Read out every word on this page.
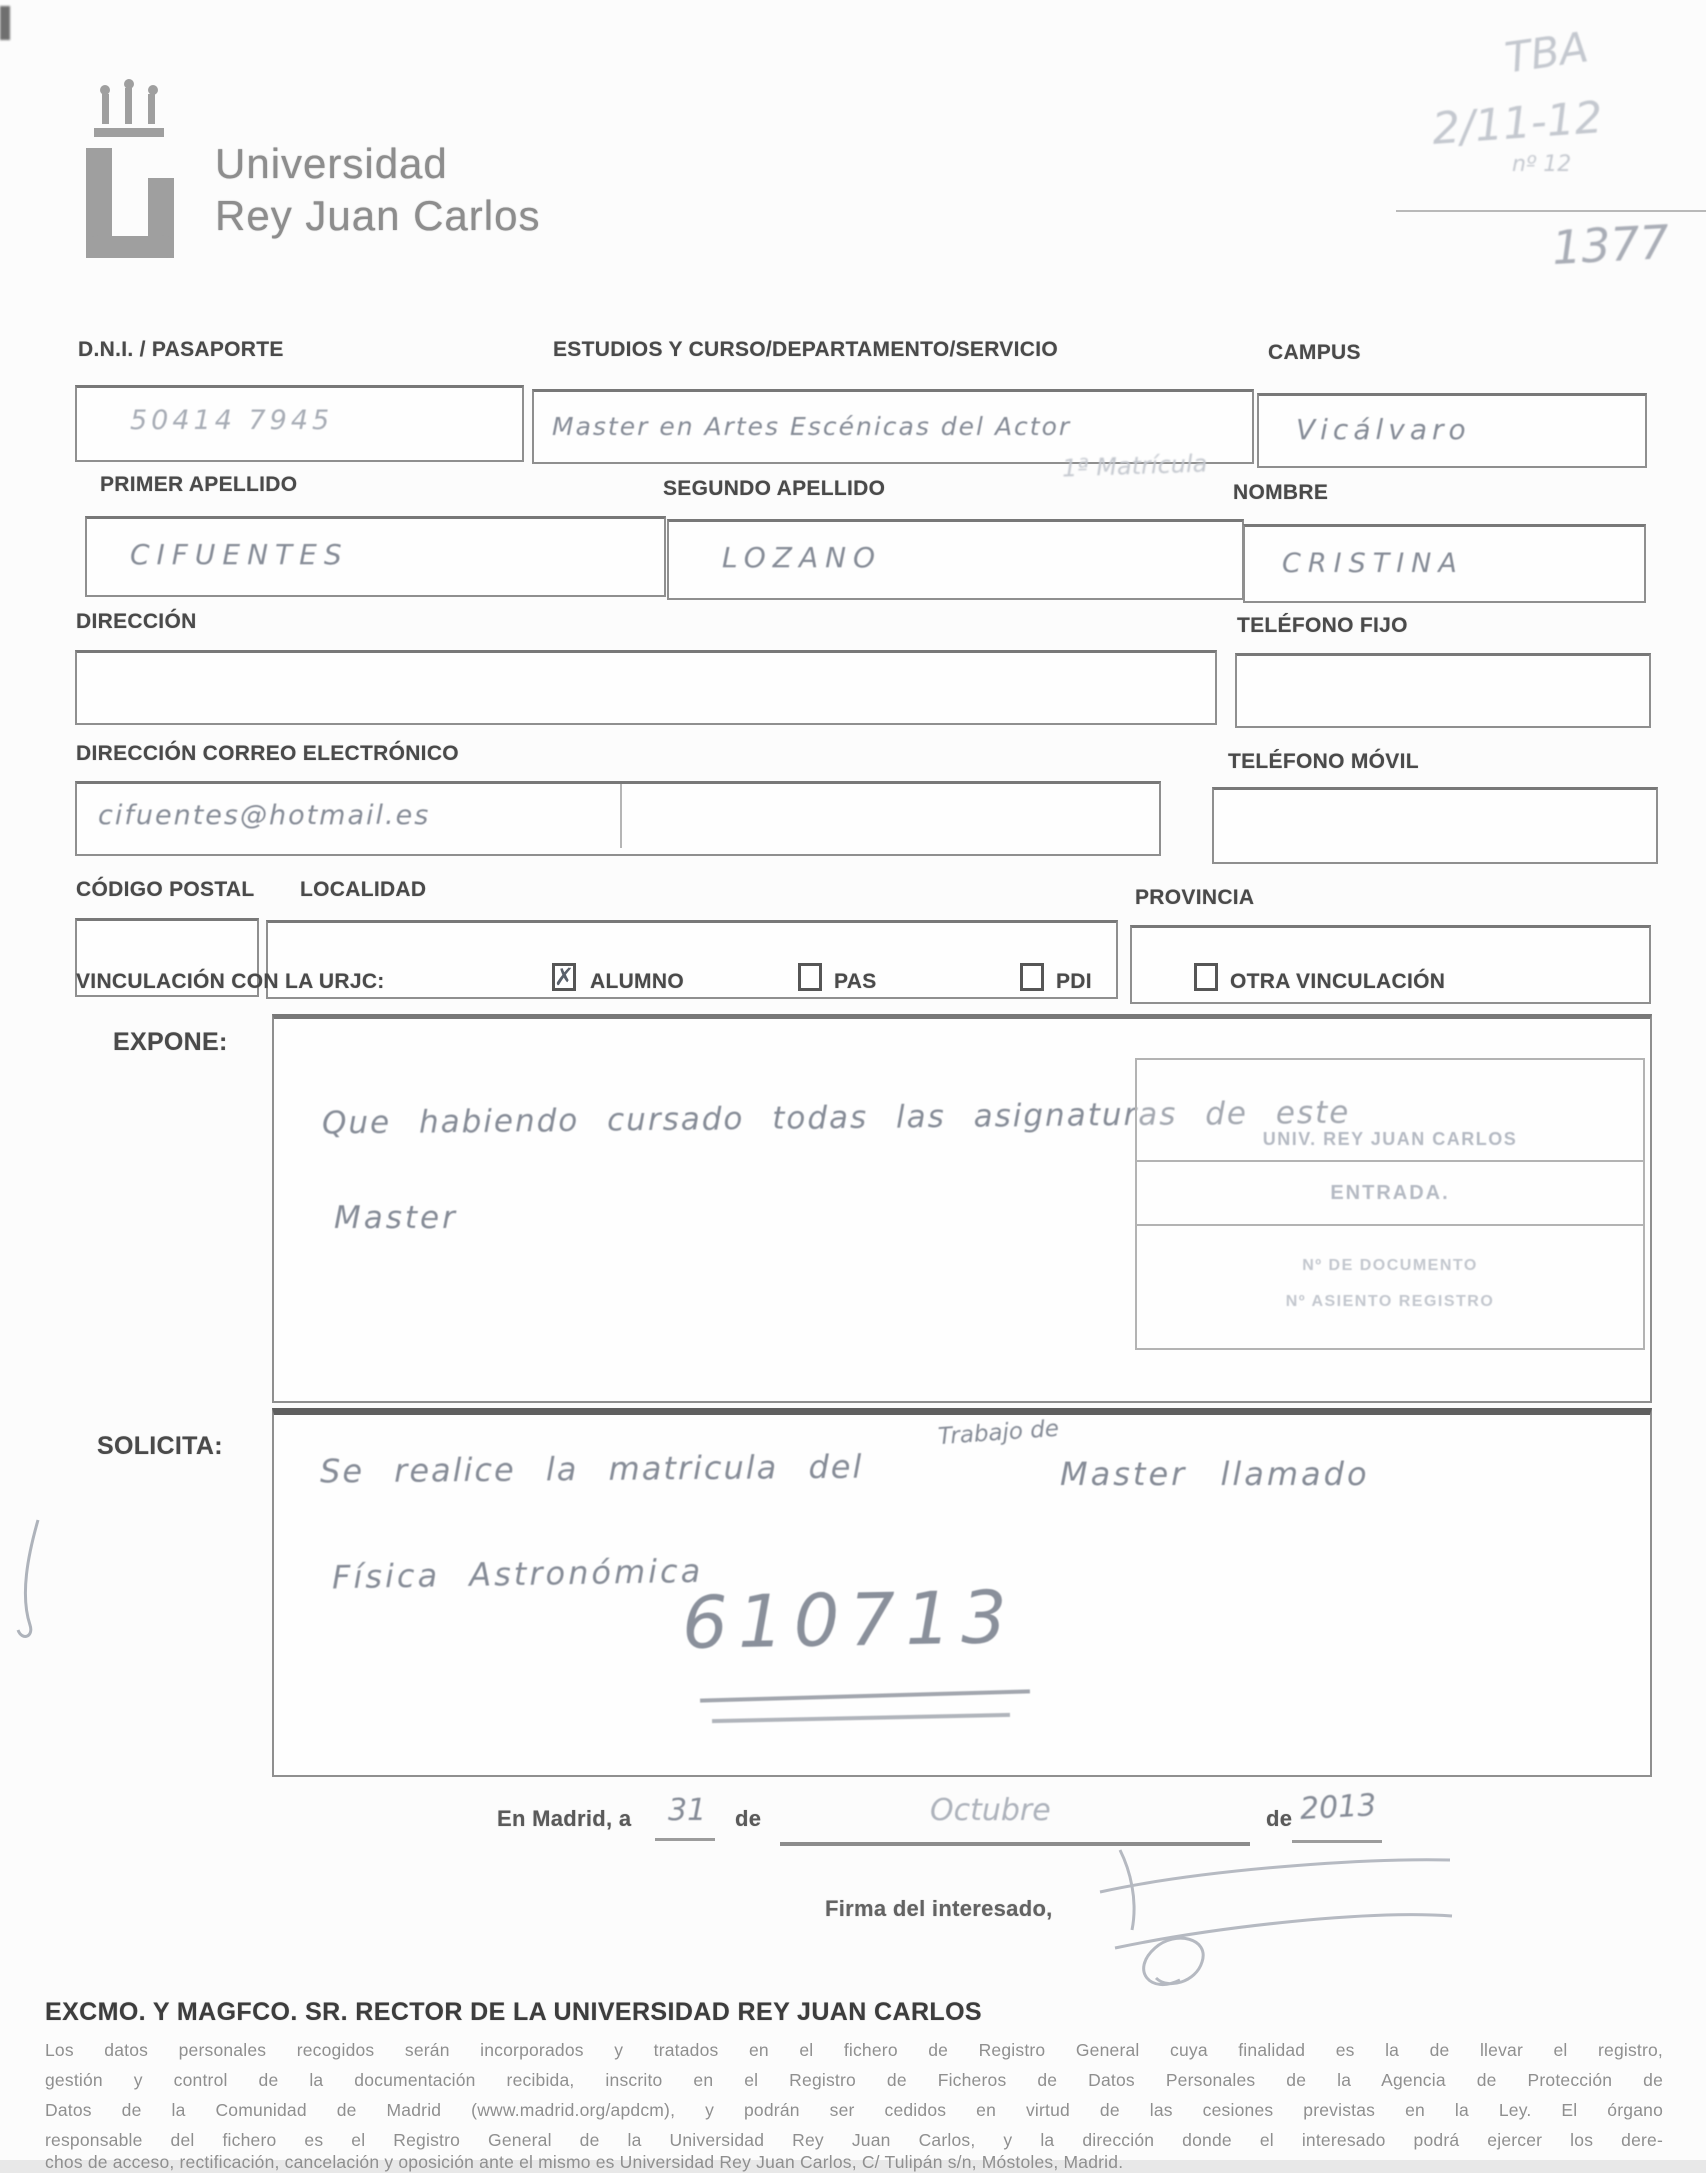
Universidad
Rey Juan Carlos
TBA
2/11-12
nº 12
1377
D.N.I. / PASAPORTE	ESTUDIOS Y CURSO/DEPARTAMENTO/SERVICIO	CAMPUS
50414 7945	Master en Artes Escénicas del Actor	Vicálvaro
PRIMER APELLIDO	SEGUNDO APELLIDO
1ª Matrícula
NOMBRE
CIFUENTES	LOZANO	CRISTINA
DIRECCIÓN	TELÉFONO FIJO
DIRECCIÓN CORREO ELECTRÓNICO	TELÉFONO MÓVIL
cifuentes@hotmail.es
CÓDIGO POSTAL LOCALIDAD	PROVINCIA
VINCULACIÓN CON LA URJC:	✗ ALUMNO	PAS	PDI	OTRA VINCULACIÓN
EXPONE:
Que habiendo cursado todas las asignaturas de este
Master
UNIV. REY JUAN CARLOS
ENTRADA.
Nº DE DOCUMENTO
Nº ASIENTO REGISTRO
SOLICITA:
Se realice la matricula del
Trabajo de
Master llamado
Física Astronómica
610713
En Madrid, a 31 de	Octubre	de 2013
Firma del interesado,
EXCMO. Y MAGFCO. SR. RECTOR DE LA UNIVERSIDAD REY JUAN CARLOS
Los datos personales recogidos serán incorporados y tratados en el fichero de Registro General cuya finalidad es la de llevar el registro,
gestión y control de la documentación recibida, inscrito en el Registro de Ficheros de Datos Personales de la Agencia de Protección de
Datos de la Comunidad de Madrid (www.madrid.org/apdcm), y podrán ser cedidos en virtud de las cesiones previstas en la Ley. El órgano
responsable del fichero es el Registro General de la Universidad Rey Juan Carlos, y la dirección donde el interesado podrá ejercer los dere-
chos de acceso, rectificación, cancelación y oposición ante el mismo es Universidad Rey Juan Carlos, C/ Tulipán s/n, Móstoles, Madrid.
